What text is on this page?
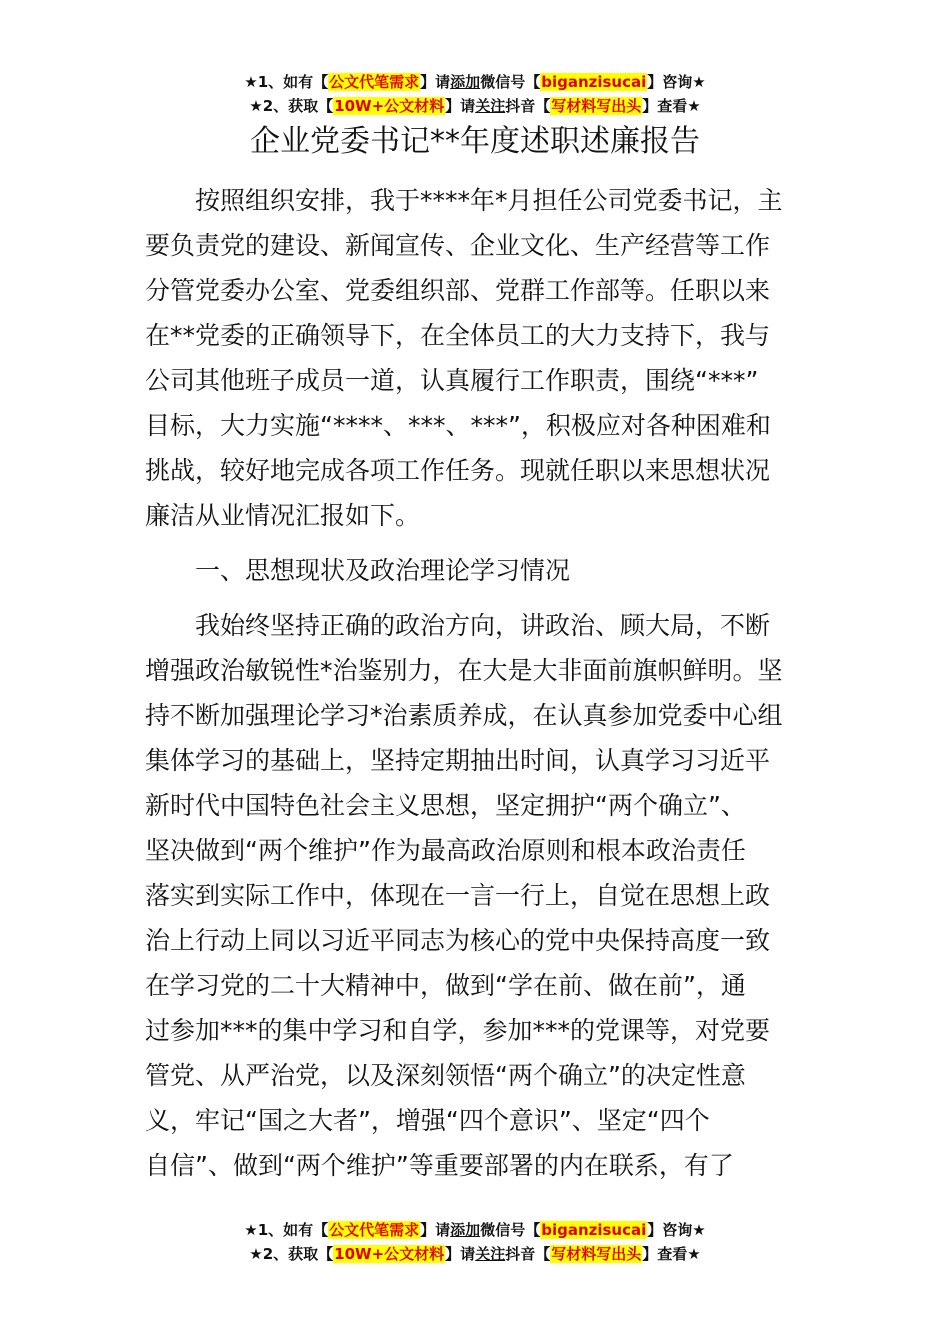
★1、如有【公文代笔需求】请添加微信号【biganzisucai】咨询★
★2、获取【10W+公文材料】请关注抖音【写材料写出头】查看★
企业党委书记**年度述职述廉报告
按照组织安排，我于****年*月担任公司党委书记，主
要负责党的建设、新闻宣传、企业文化、生产经营等工作
分管党委办公室、党委组织部、党群工作部等。任职以来
在**党委的正确领导下，在全体员工的大力支持下，我与
公司其他班子成员一道，认真履行工作职责，围绕“***”
目标，大力实施“****、***、***”，积极应对各种困难和
挑战，较好地完成各项工作任务。现就任职以来思想状况
廉洁从业情况汇报如下。
一、思想现状及政治理论学习情况
我始终坚持正确的政治方向，讲政治、顾大局，不断
增强政治敏锐性*治鉴别力，在大是大非面前旗帜鲜明。坚
持不断加强理论学习*治素质养成，在认真参加党委中心组
集体学习的基础上，坚持定期抽出时间，认真学习习近平
新时代中国特色社会主义思想，坚定拥护“两个确立”、
坚决做到“两个维护”作为最高政治原则和根本政治责任
落实到实际工作中，体现在一言一行上，自觉在思想上政
治上行动上同以习近平同志为核心的党中央保持高度一致
在学习党的二十大精神中，做到“学在前、做在前”，通
过参加***的集中学习和自学，参加***的党课等，对党要
管党、从严治党，以及深刻领悟“两个确立”的决定性意
义，牢记“国之大者”，增强“四个意识”、坚定“四个
自信”、做到“两个维护”等重要部署的内在联系，有了
★1、如有【公文代笔需求】请添加微信号【biganzisucai】咨询★
★2、获取【10W+公文材料】请关注抖音【写材料写出头】查看★
